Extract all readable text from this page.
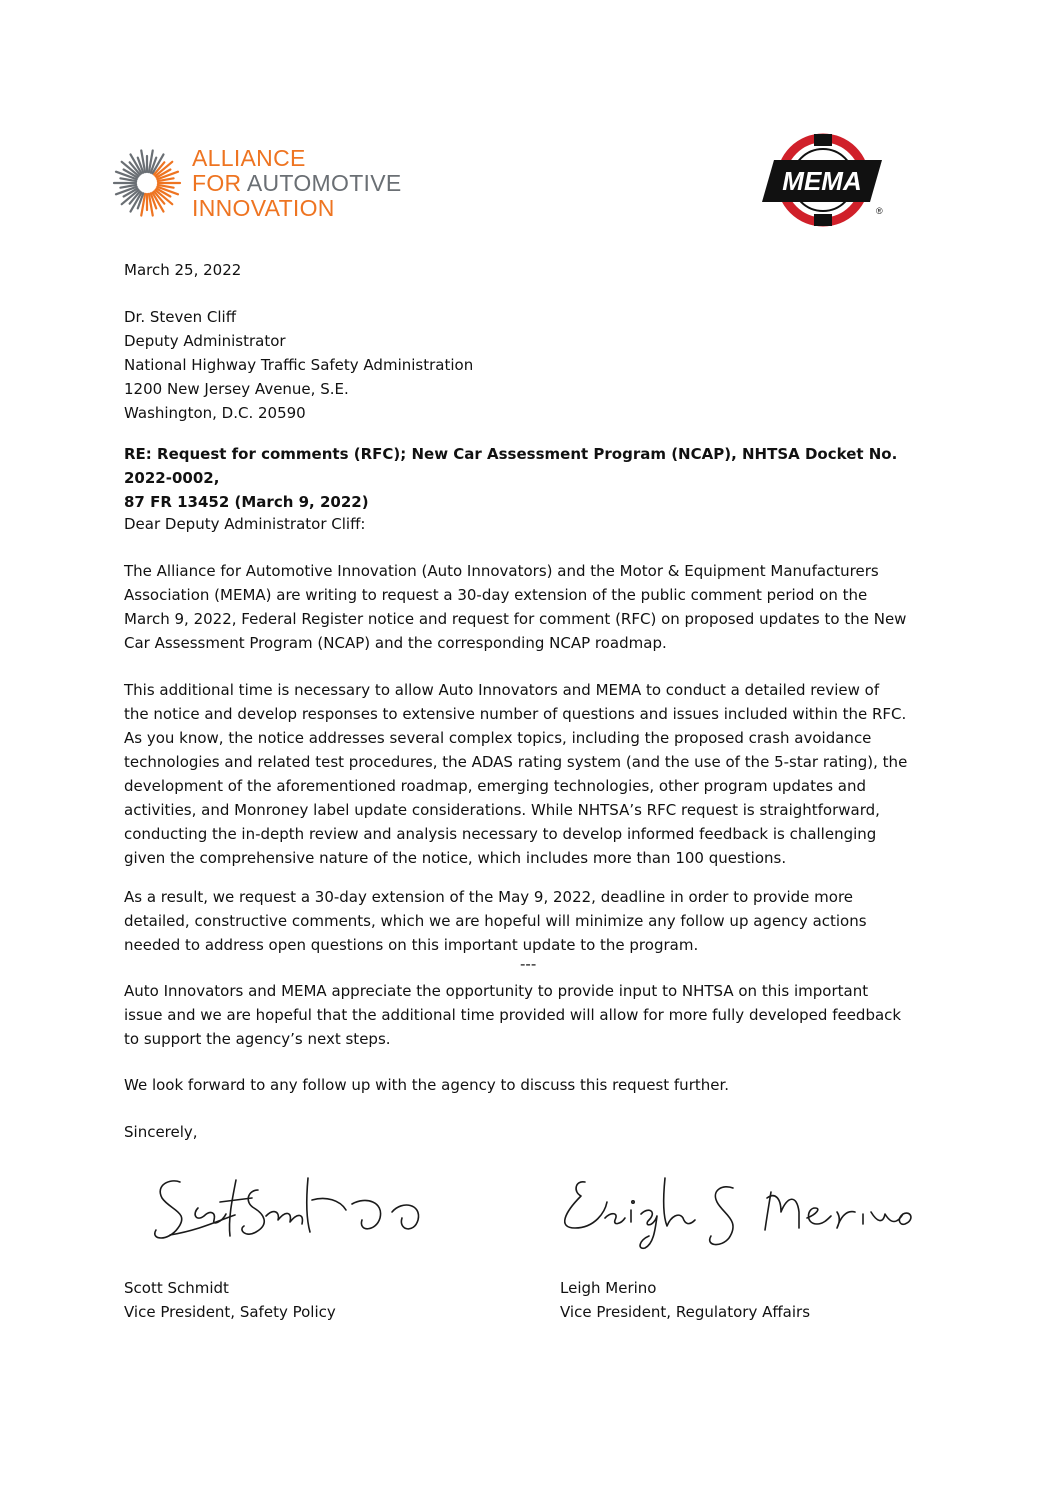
ALLIANCE
FOR AUTOMOTIVE
INNOVATION
MEMA
®
March 25, 2022

Dr. Steven Cliff

Deputy Administrator

National Highway Traffic Safety Administration

1200 New Jersey Avenue, S.E.

Washington, D.C. 20590

RE: Request for comments (RFC); New Car Assessment Program (NCAP), NHTSA Docket No. 2022-0002,

87 FR 13452 (March 9, 2022)

Dear Deputy Administrator Cliff:

The Alliance for Automotive Innovation (Auto Innovators) and the Motor & Equipment Manufacturers

Association (MEMA) are writing to request a 30-day extension of the public comment period on the

March 9, 2022, Federal Register notice and request for comment (RFC) on proposed updates to the New

Car Assessment Program (NCAP) and the corresponding NCAP roadmap.

This additional time is necessary to allow Auto Innovators and MEMA to conduct a detailed review of

the notice and develop responses to extensive number of questions and issues included within the RFC.

As you know, the notice addresses several complex topics, including the proposed crash avoidance

technologies and related test procedures, the ADAS rating system (and the use of the 5-star rating), the

development of the aforementioned roadmap, emerging technologies, other program updates and

activities, and Monroney label update considerations. While NHTSA’s RFC request is straightforward,

conducting the in-depth review and analysis necessary to develop informed feedback is challenging

given the comprehensive nature of the notice, which includes more than 100 questions.

As a result, we request a 30-day extension of the May 9, 2022, deadline in order to provide more

detailed, constructive comments, which we are hopeful will minimize any follow up agency actions

needed to address open questions on this important update to the program.

---

Auto Innovators and MEMA appreciate the opportunity to provide input to NHTSA on this important

issue and we are hopeful that the additional time provided will allow for more fully developed feedback

to support the agency’s next steps.

We look forward to any follow up with the agency to discuss this request further.
Sincerely,
Scott Schmidt
Vice President, Safety Policy
Leigh Merino
Vice President, Regulatory Affairs
